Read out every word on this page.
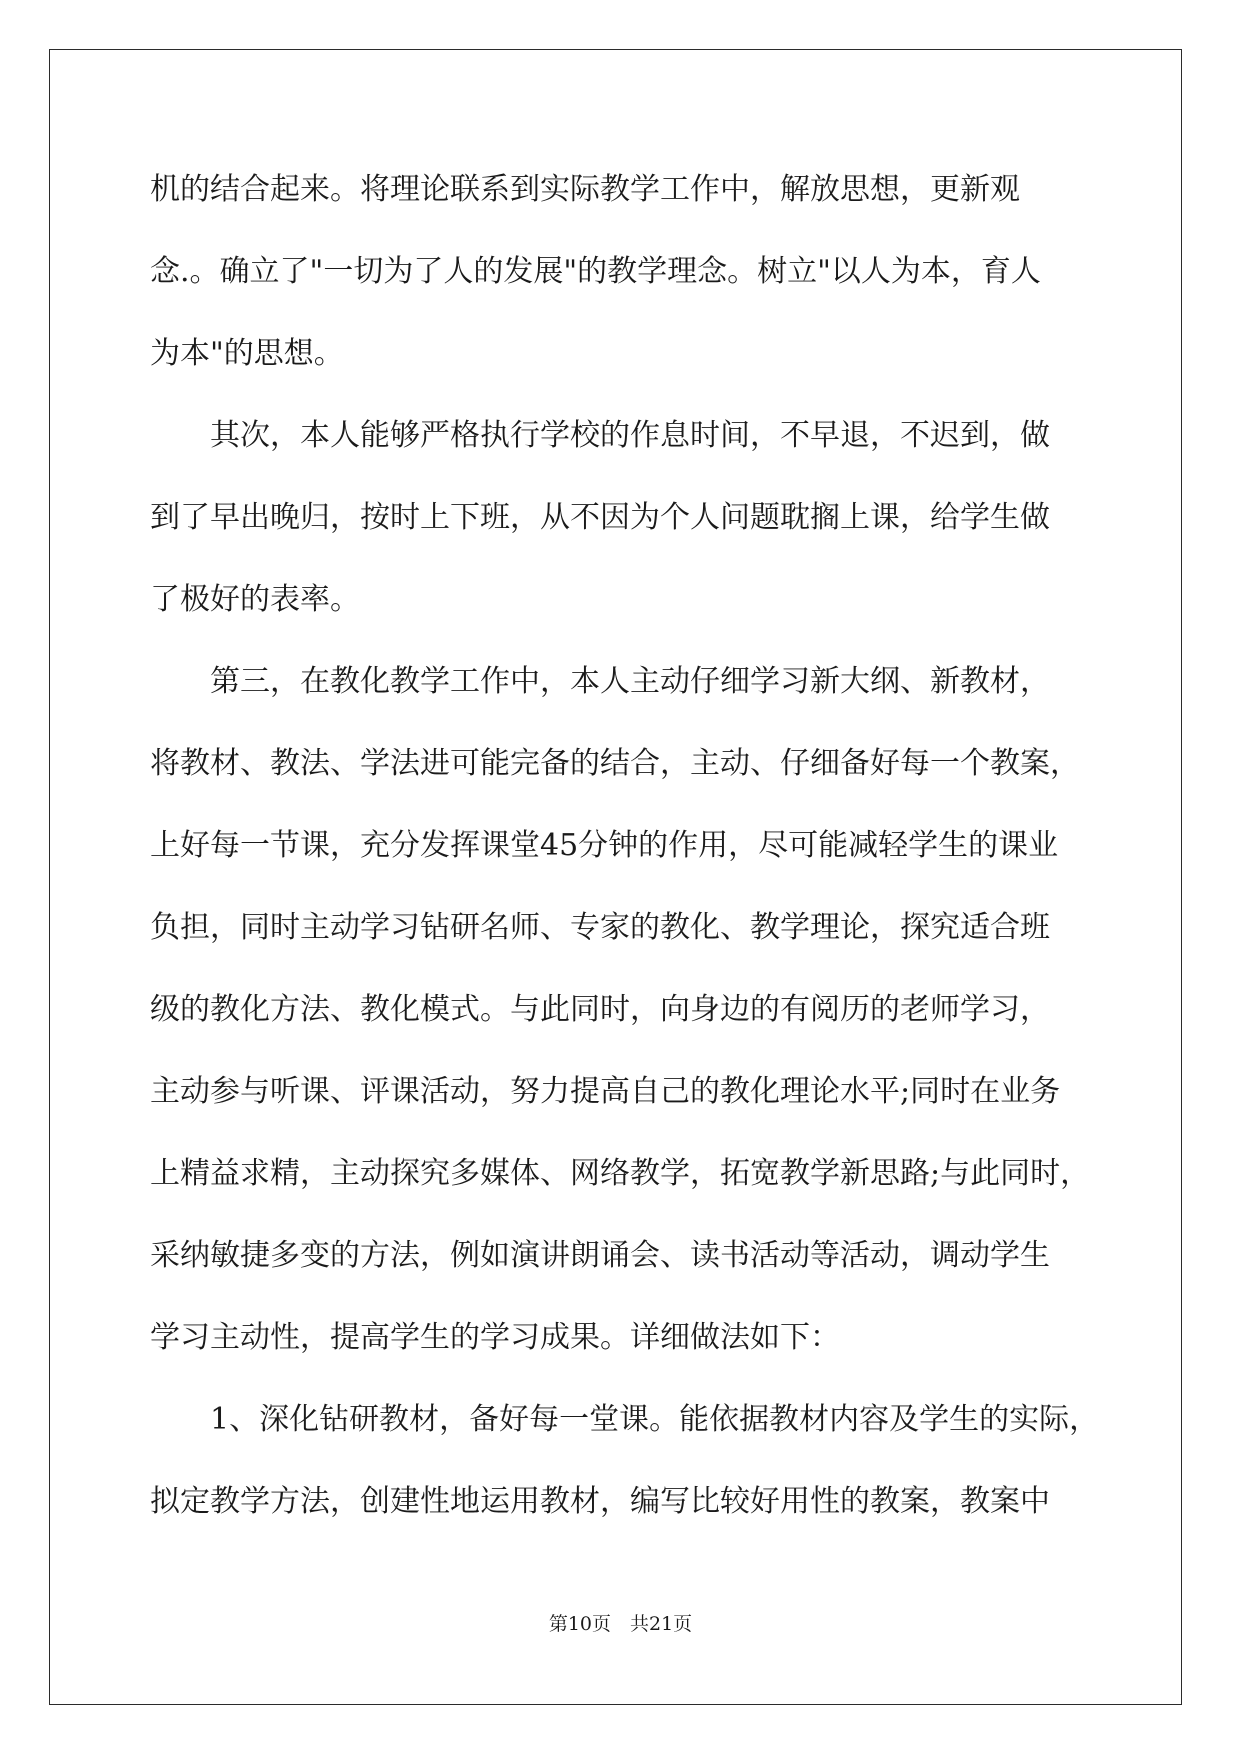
机的结合起来。将理论联系到实际教学工作中，解放思想，更新观
念.。确立了"一切为了人的发展"的教学理念。树立"以人为本，育人
为本"的思想。
　　其次，本人能够严格执行学校的作息时间，不早退，不迟到，做
到了早出晚归，按时上下班，从不因为个人问题耽搁上课，给学生做
了极好的表率。
　　第三，在教化教学工作中，本人主动仔细学习新大纲、新教材，
将教材、教法、学法进可能完备的结合，主动、仔细备好每一个教案，
上好每一节课，充分发挥课堂45分钟的作用，尽可能减轻学生的课业
负担，同时主动学习钻研名师、专家的教化、教学理论，探究适合班
级的教化方法、教化模式。与此同时，向身边的有阅历的老师学习，
主动参与听课、评课活动，努力提高自己的教化理论水平;同时在业务
上精益求精，主动探究多媒体、网络教学，拓宽教学新思路;与此同时，
采纳敏捷多变的方法，例如演讲朗诵会、读书活动等活动，调动学生
学习主动性，提高学生的学习成果。详细做法如下：
　　1、深化钻研教材，备好每一堂课。能依据教材内容及学生的实际，
拟定教学方法，创建性地运用教材，编写比较好用性的教案，教案中
第10页　共21页
